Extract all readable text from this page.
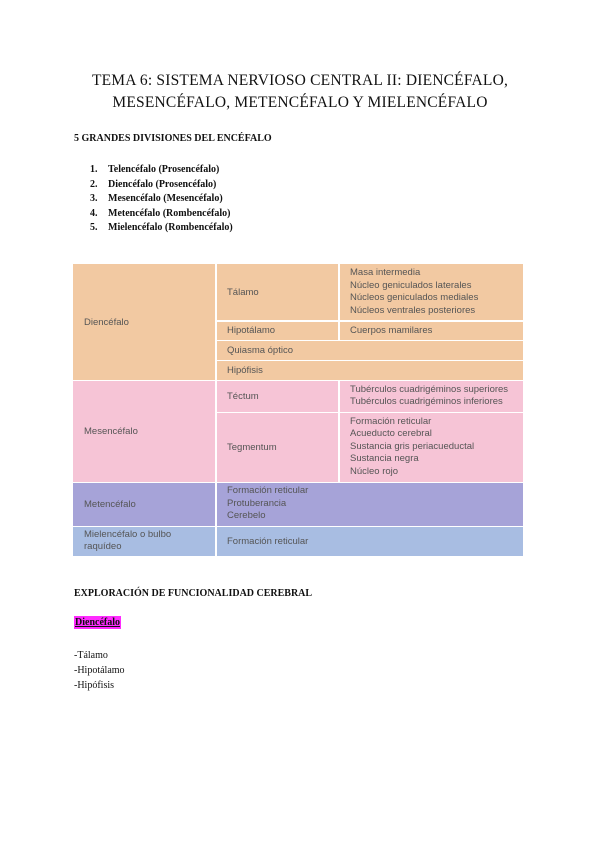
TEMA 6: SISTEMA NERVIOSO CENTRAL II: DIENCÉFALO,
MESENCÉFALO, METENCÉFALO Y MIELENCÉFALO
5 GRANDES DIVISIONES DEL ENCÉFALO
1. Telencéfalo (Prosencéfalo)
2. Diencéfalo (Prosencéfalo)
3. Mesencéfalo (Mesencéfalo)
4. Metencéfalo (Rombencéfalo)
5. Mielencéfalo (Rombencéfalo)
Diencéfalo
Tálamo
Masa intermedia
Núcleo geniculados laterales
Núcleos geniculados mediales
Núcleos ventrales posteriores
Hipotálamo	Cuerpos mamilares
Quiasma óptico
Hipófisis
Mesencéfalo
Téctum
Tubérculos cuadrigéminos superiores
Tubérculos cuadrigéminos inferiores
Tegmentum
Formación reticular
Acueducto cerebral
Sustancia gris periacueductal
Sustancia negra
Núcleo rojo
Metencéfalo
Formación reticular
Protuberancia
Cerebelo
Mielencéfalo o bulbo
raquídeo	Formación reticular
EXPLORACIÓN DE FUNCIONALIDAD CEREBRAL
Diencéfalo
-Tálamo
-Hipotálamo
-Hipófisis
